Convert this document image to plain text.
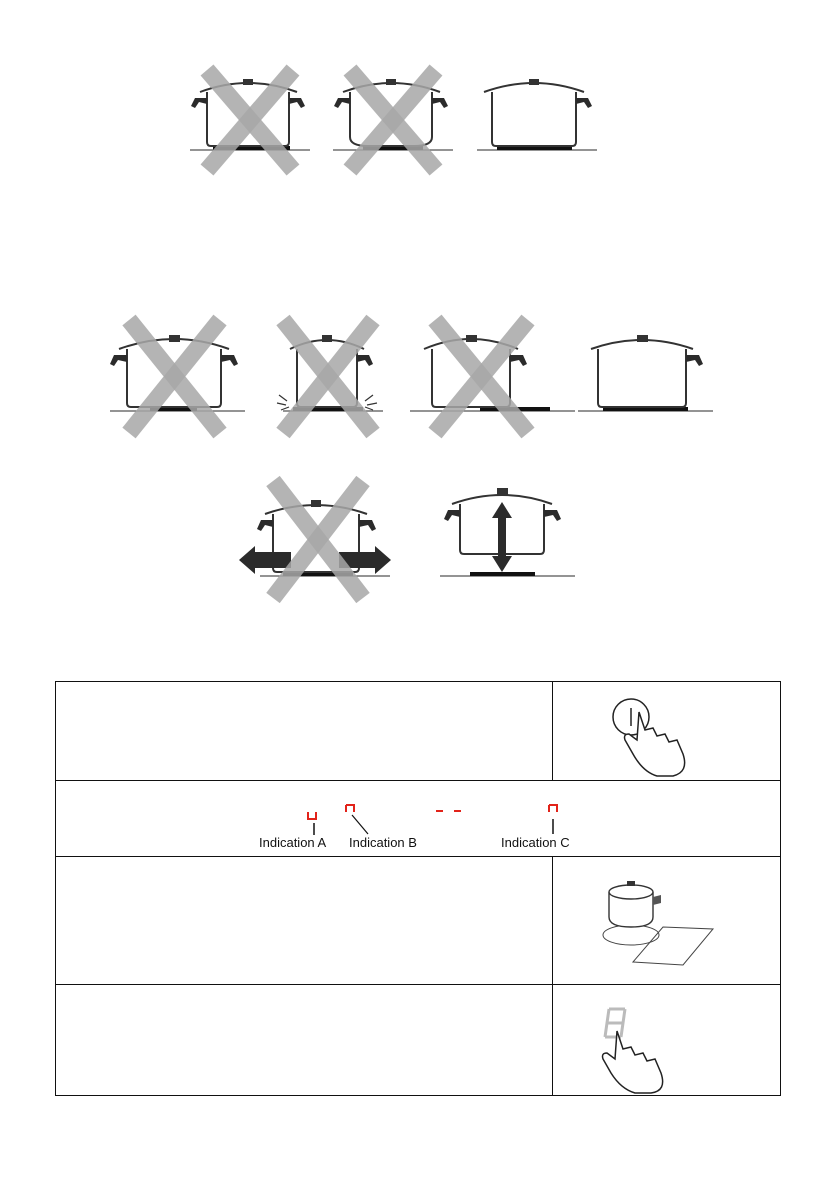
Indication A Indication B Indication C	
